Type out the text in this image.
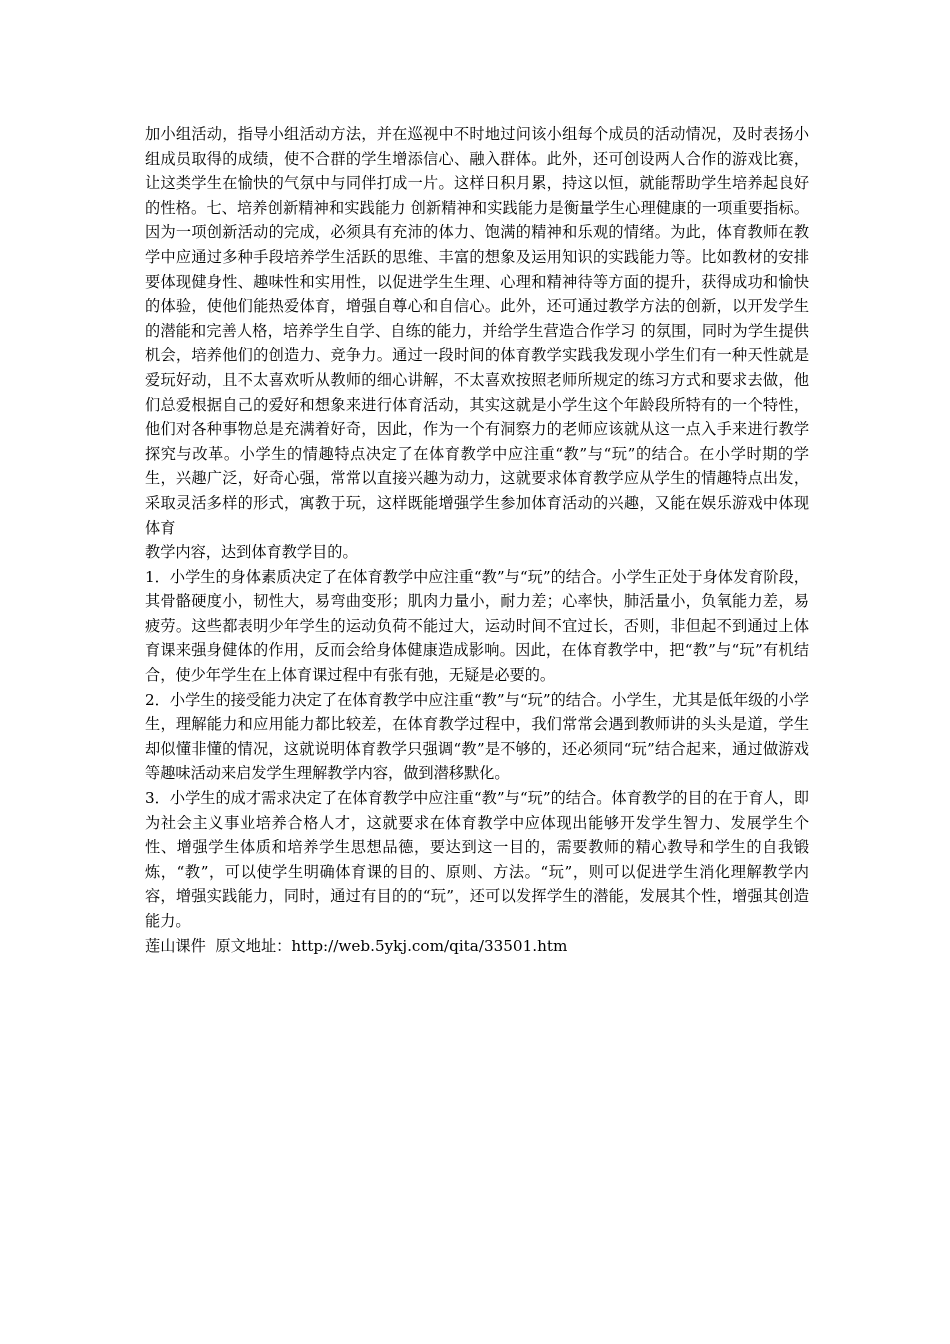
加小组活动，指导小组活动方法，并在巡视中不时地过问该小组每个成员的活动情况，及时表扬小组成员取得的成绩，使不合群的学生增添信心、融入群体。此外，还可创设两人合作的游戏比赛，让这类学生在愉快的气氛中与同伴打成一片。这样日积月累，持这以恒，就能帮助学生培养起良好的性格。七、培养创新精神和实践能力 创新精神和实践能力是衡量学生心理健康的一项重要指标。因为一项创新活动的完成，必须具有充沛的体力、饱满的精神和乐观的情绪。为此，体育教师在教学中应通过多种手段培养学生活跃的思维、丰富的想象及运用知识的实践能力等。比如教材的安排要体现健身性、趣味性和实用性，以促进学生生理、心理和精神待等方面的提升，获得成功和愉快的体验，使他们能热爱体育，增强自尊心和自信心。此外，还可通过教学方法的创新，以开发学生的潜能和完善人格，培养学生自学、自练的能力，并给学生营造合作学习 的氛围，同时为学生提供机会，培养他们的创造力、竞争力。通过一段时间的体育教学实践我发现小学生们有一种天性就是爱玩好动，且不太喜欢听从教师的细心讲解，不太喜欢按照老师所规定的练习方式和要求去做，他们总爱根据自己的爱好和想象来进行体育活动，其实这就是小学生这个年龄段所特有的一个特性，他们对各种事物总是充满着好奇，因此，作为一个有洞察力的老师应该就从这一点入手来进行教学探究与改革。小学生的情趣特点决定了在体育教学中应注重“教”与“玩”的结合。在小学时期的学生，兴趣广泛，好奇心强，常常以直接兴趣为动力，这就要求体育教学应从学生的情趣特点出发，采取灵活多样的形式，寓教于玩，这样既能增强学生参加体育活动的兴趣，又能在娱乐游戏中体现体育

教学内容，达到体育教学目的。

1．小学生的身体素质决定了在体育教学中应注重“教”与“玩”的结合。小学生正处于身体发育阶段，其骨骼硬度小，韧性大，易弯曲变形；肌肉力量小，耐力差；心率快，肺活量小，负氧能力差，易疲劳。这些都表明少年学生的运动负荷不能过大，运动时间不宜过长，否则，非但起不到通过上体育课来强身健体的作用，反而会给身体健康造成影响。因此，在体育教学中，把“教”与“玩”有机结合，使少年学生在上体育课过程中有张有弛，无疑是必要的。

2．小学生的接受能力决定了在体育教学中应注重“教”与“玩”的结合。小学生，尤其是低年级的小学生，理解能力和应用能力都比较差，在体育教学过程中，我们常常会遇到教师讲的头头是道，学生却似懂非懂的情况，这就说明体育教学只强调“教”是不够的，还必须同“玩”结合起来，通过做游戏等趣味活动来启发学生理解教学内容，做到潜移默化。

3．小学生的成才需求决定了在体育教学中应注重“教”与“玩”的结合。体育教学的目的在于育人，即为社会主义事业培养合格人才，这就要求在体育教学中应体现出能够开发学生智力、发展学生个性、增强学生体质和培养学生思想品德，要达到这一目的，需要教师的精心教导和学生的自我锻炼，“教”，可以使学生明确体育课的目的、原则、方法。“玩”，则可以促进学生消化理解教学内容，增强实践能力，同时，通过有目的的“玩”，还可以发挥学生的潜能，发展其个性，增强其创造能力。

莲山课件  原文地址：http://web.5ykj.com/qita/33501.htm
